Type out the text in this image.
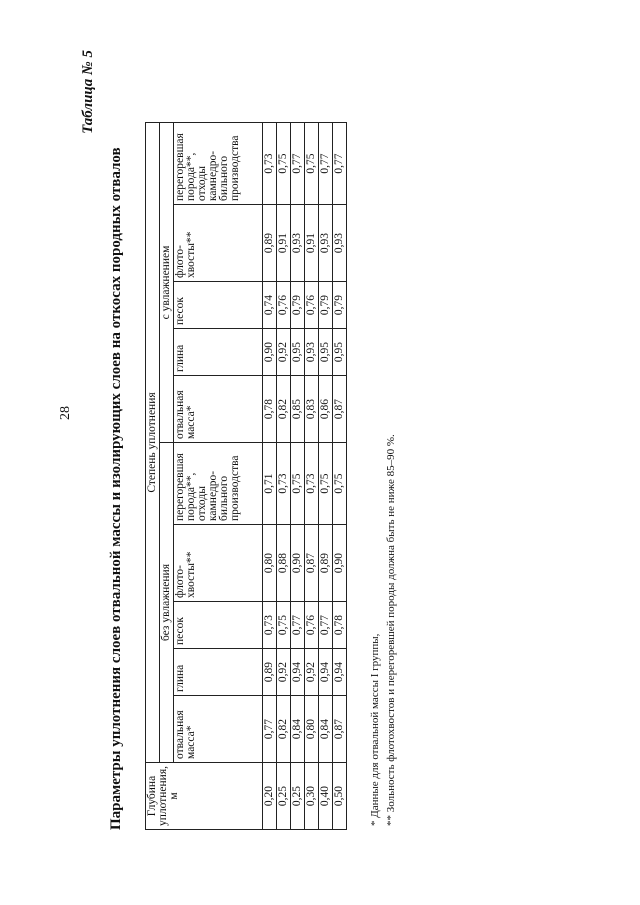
28
Таблица № 5
Параметры уплотнения слоев отвальной массы и изолирующих слоев на откосах породных отвалов Глубина уплотнения, м	Степень уплотнения									
	без увлажнения					с увлажнением				
	отвальная масса*	глина	песок	флото-хвосты**	перегоревшая порода**, отходы камнедро-бильного производства	отвальная масса*	глина	песок	флото-хвосты**	перегоревшая порода**, отходы камнедро-бильного производства
0,20	0,77	0,89	0,73	0,80	0,71	0,78	0,90	0,74	0,89	0,73
0,25	0,82	0,92	0,75	0,88	0,73	0,82	0,92	0,76	0,91	0,75
0,25	0,84	0,94	0,77	0,90	0,75	0,85	0,95	0,79	0,93	0,77
0,30	0,80	0,92	0,76	0,87	0,73	0,83	0,93	0,76	0,91	0,75
0,40	0,84	0,94	0,77	0,89	0,75	0,86	0,95	0,79	0,93	0,77
0,50	0,87	0,94	0,78	0,90	0,75	0,87	0,95	0,79	0,93	0,77
* Данные для отвальной массы I группы, ** Зольность флотохвостов и перегоревшей породы должна быть не ниже 85–90 %.
